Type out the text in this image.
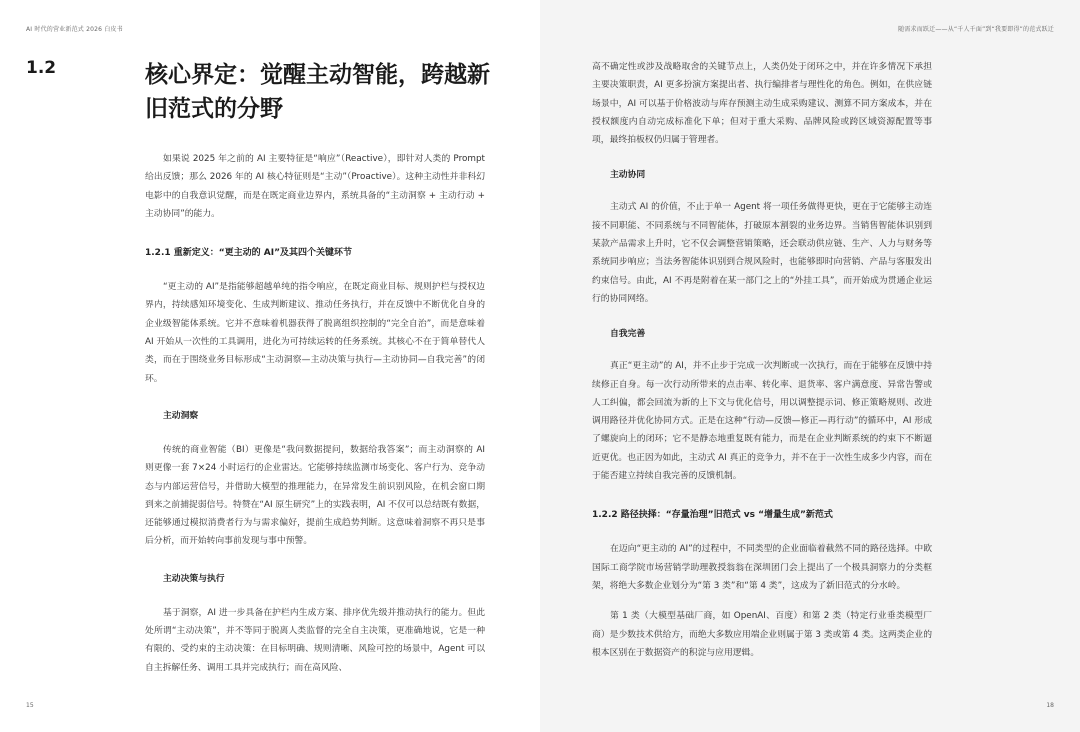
AI 时代的营业新范式 2026 白皮书
1.2	核心界定：觉醒主动智能，跨越新旧范式的分野

如果说 2025 年之前的 AI 主要特征是“响应”（Reactive），即针对人类的 Prompt 给出反馈；那么 2026 年的 AI 核心特征则是“主动”（Proactive）。这种主动性并非科幻电影中的自我意识觉醒，而是在既定商业边界内，系统具备的“主动洞察 + 主动行动 + 主动协同”的能力。

1.2.1 重新定义：“更主动的 AI”及其四个关键环节

“更主动的 AI”是指能够超越单纯的指令响应，在既定商业目标、规则护栏与授权边界内，持续感知环境变化、生成判断建议、推动任务执行，并在反馈中不断优化自身的企业级智能体系统。它并不意味着机器获得了脱离组织控制的“完全自治”，而是意味着 AI 开始从一次性的工具调用，进化为可持续运转的任务系统。其核心不在于简单替代人类，而在于围绕业务目标形成“主动洞察—主动决策与执行—主动协同—自我完善”的闭环。

主动洞察

传统的商业智能（BI）更像是“我问数据提问，数据给我答案”；而主动洞察的 AI 则更像一套 7×24 小时运行的企业雷达。它能够持续监测市场变化、客户行为、竞争动态与内部运营信号，并借助大模型的推理能力，在异常发生前识别风险，在机会窗口期到来之前捕捉弱信号。特赞在“AI 原生研究”上的实践表明，AI 不仅可以总结既有数据，还能够通过模拟消费者行为与需求偏好，提前生成趋势判断。这意味着洞察不再只是事后分析，而开始转向事前发现与事中预警。

主动决策与执行

基于洞察，AI 进一步具备在护栏内生成方案、排序优先级并推动执行的能力。但此处所谓“主动决策”，并不等同于脱离人类监督的完全自主决策，更准确地说，它是一种有限的、受约束的主动决策：在目标明确、规则清晰、风险可控的场景中，Agent 可以自主拆解任务、调用工具并完成执行；而在高风险、

15
随需求而跃迁——从“千人千面”到“我要即得”的范式跃迁

高不确定性或涉及战略取舍的关键节点上，人类仍处于闭环之中，并在许多情况下承担主要决策职责，AI 更多扮演方案提出者、执行编排者与理性化的角色。例如，在供应链场景中，AI 可以基于价格波动与库存预测主动生成采购建议、测算不同方案成本，并在授权额度内自动完成标准化下单；但对于重大采购、品牌风险或跨区域资源配置等事项，最终拍板权仍归属于管理者。

主动协同

主动式 AI 的价值，不止于单一 Agent 将一项任务做得更快，更在于它能够主动连接不同职能、不同系统与不同智能体，打破原本割裂的业务边界。当销售智能体识别到某款产品需求上升时，它不仅会调整营销策略，还会联动供应链、生产、人力与财务等系统同步响应；当法务智能体识别到合规风险时，也能够即时向营销、产品与客服发出约束信号。由此，AI 不再是附着在某一部门之上的“外挂工具”，而开始成为贯通企业运行的协同网络。

自我完善

真正“更主动”的 AI，并不止步于完成一次判断或一次执行，而在于能够在反馈中持续修正自身。每一次行动所带来的点击率、转化率、退货率、客户满意度、异常告警或人工纠偏，都会回流为新的上下文与优化信号，用以调整提示词、修正策略规则、改进调用路径并优化协同方式。正是在这种“行动—反馈—修正—再行动”的循环中，AI 形成了螺旋向上的闭环；它不是静态地重复既有能力，而是在企业判断系统的约束下不断逼近更优。也正因为如此，主动式 AI 真正的竞争力，并不在于一次性生成多少内容，而在于能否建立持续自我完善的反馈机制。

1.2.2 路径抉择：“存量治理”旧范式 vs “增量生成”新范式

在迈向“更主动的 AI”的过程中，不同类型的企业面临着截然不同的路径选择。中欧国际工商学院市场营销学助理教授翁翁在深圳团门会上提出了一个极具洞察力的分类框架，将绝大多数企业划分为“第 3 类”和“第 4 类”，这成为了新旧范式的分水岭。

第 1 类（大模型基础厂商，如 OpenAI、百度）和第 2 类（特定行业垂类模型厂商）是少数技术供给方，而绝大多数应用端企业则属于第 3 类或第 4 类。这两类企业的根本区别在于数据资产的积淀与应用逻辑。

18
